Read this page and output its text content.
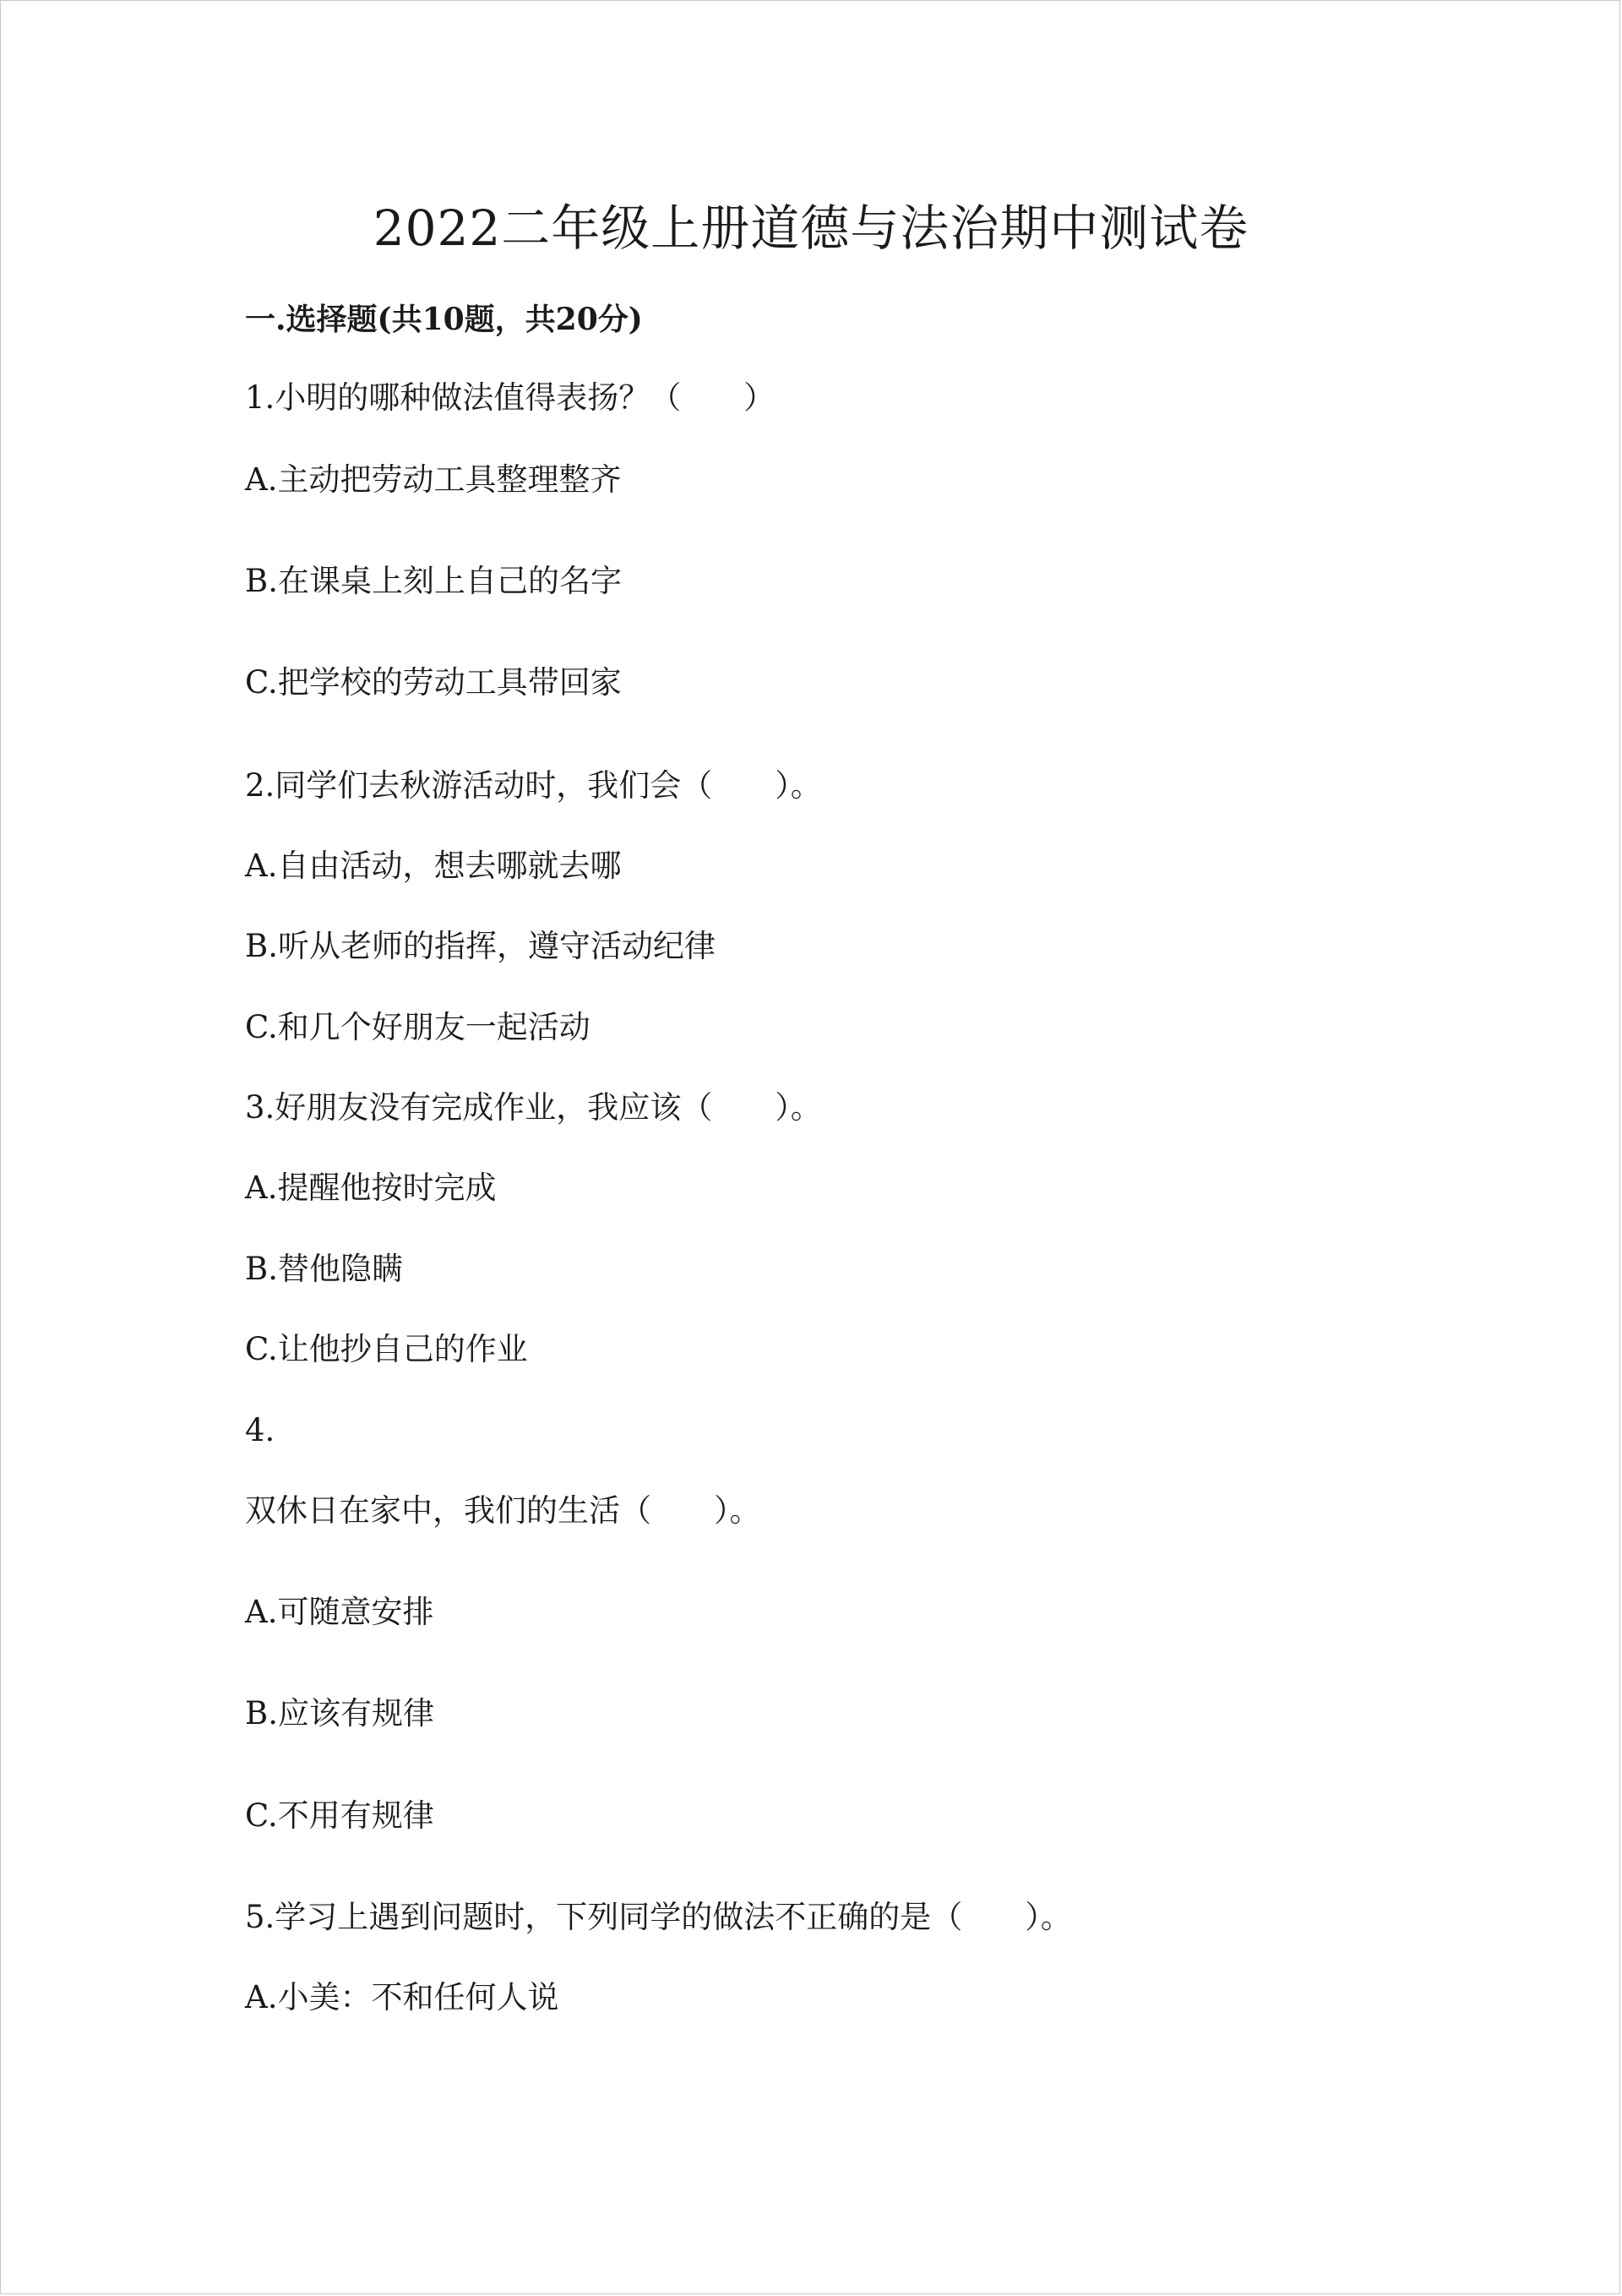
2022二年级上册道德与法治期中测试卷
一.选择题(共10题，共20分)
1.小明的哪种做法值得表扬？（　　）
A.主动把劳动工具整理整齐
B.在课桌上刻上自己的名字
C.把学校的劳动工具带回家
2.同学们去秋游活动时，我们会（　　）。
A.自由活动，想去哪就去哪
B.听从老师的指挥，遵守活动纪律
C.和几个好朋友一起活动
3.好朋友没有完成作业，我应该（　　）。
A.提醒他按时完成
B.替他隐瞒
C.让他抄自己的作业
4.
双休日在家中，我们的生活（　　）。
A.可随意安排
B.应该有规律
C.不用有规律
5.学习上遇到问题时，下列同学的做法不正确的是（　　）。
A.小美：不和任何人说
